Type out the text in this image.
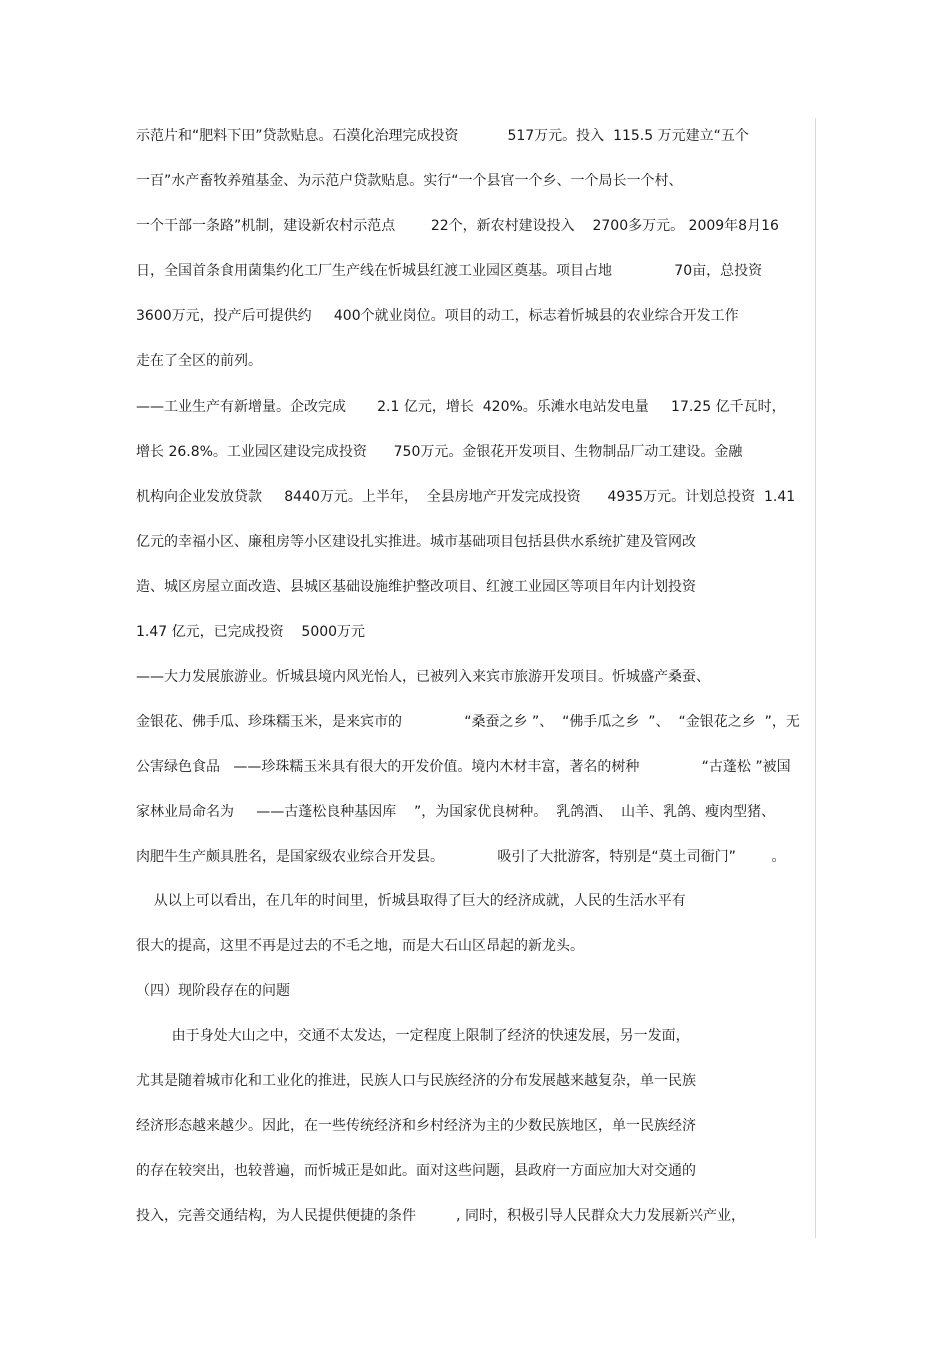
示范片和“肥料下田”贷款贴息。石漠化治理完成投资           517万元。投入  115.5 万元建立“五个
一百”水产畜牧养殖基金、为示范户贷款贴息。实行“一个县官一个乡、一个局长一个村、
一个干部一条路”机制，建设新农村示范点        22个，新农村建设投入    2700多万元。 2009年8月16
日，全国首条食用菌集约化工厂生产线在忻城县红渡工业园区奠基。项目占地              70亩，总投资
3600万元，投产后可提供约     400个就业岗位。项目的动工，标志着忻城县的农业综合开发工作
走在了全区的前列。
——工业生产有新增量。企改完成       2.1 亿元，增长  420%。乐滩水电站发电量     17.25 亿千瓦时，
增长 26.8%。工业园区建设完成投资      750万元。金银花开发项目、生物制品厂动工建设。金融
机构向企业发放贷款     8440万元。上半年，  全县房地产开发完成投资      4935万元。计划总投资  1.41
亿元的幸福小区、廉租房等小区建设扎实推进。城市基础项目包括县供水系统扩建及管网改
造、城区房屋立面改造、县城区基础设施维护整改项目、红渡工业园区等项目年内计划投资
1.47 亿元，已完成投资    5000万元
——大力发展旅游业。忻城县境内风光怡人，已被列入来宾市旅游开发项目。忻城盛产桑蚕、
金银花、佛手瓜、珍珠糯玉米，是来宾市的              “桑蚕之乡 ”、  “佛手瓜之乡  ”、  “金银花之乡  ”，无
公害绿色食品   ——珍珠糯玉米具有很大的开发价值。境内木材丰富，著名的树种              “古蓬松 ”被国
家林业局命名为     ——古蓬松良种基因库    ”，为国家优良树种。  乳鸽酒、  山羊、乳鸽、瘦肉型猪、
肉肥牛生产颇具胜名，是国家级农业综合开发县。            吸引了大批游客，特别是“莫土司衙门”        。
从以上可以看出，在几年的时间里，忻城县取得了巨大的经济成就，人民的生活水平有
很大的提高，这里不再是过去的不毛之地，而是大石山区昂起的新龙头。
（四）现阶段存在的问题
由于身处大山之中，交通不太发达，一定程度上限制了经济的快速发展，另一发面，
尤其是随着城市化和工业化的推进，民族人口与民族经济的分布发展越来越复杂，单一民族
经济形态越来越少。因此，在一些传统经济和乡村经济为主的少数民族地区，单一民族经济
的存在较突出，也较普遍，而忻城正是如此。面对这些问题，县政府一方面应加大对交通的
投入，完善交通结构，为人民提供便捷的条件         , 同时，积极引导人民群众大力发展新兴产业，
